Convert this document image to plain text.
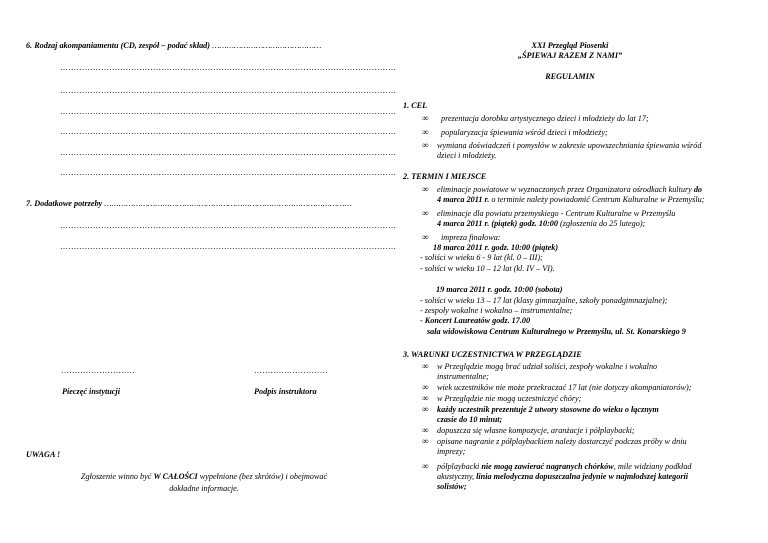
6. Rodzaj akompaniamentu (CD, zespół – podać skład) ………………………………………
……………………………………………………………………………………………………………
……………………………………………………………………………………………………………
……………………………………………………………………………………………………………
……………………………………………………………………………………………………………
……………………………………………………………………………………………………………
……………………………………………………………………………………………………………
7. Dodatkowe potrzeby …………………………………………………………………………………………
……………………………………………………………………………………………………………
……………………………………………………………………………………………………………
………………………
Pieczęć instytucji
………………………
Podpis instruktora
UWAGA !
Zgłoszenie winno być W CAŁOŚCI wypełnione (bez skrótów) i obejmować
dokładne informacje.
XXI Przegląd Piosenki
„ŚPIEWAJ RAZEM Z NAMI”
REGULAMIN
1. CEL
∞ prezentacja dorobku artystycznego dzieci i młodzieży do lat 17;
∞ popularyzacja śpiewania wśród dzieci i młodzieży;
∞ wymiana doświadczeń i pomysłów w zakresie upowszechniania śpiewania wśród
dzieci i młodzieży.
2. TERMIN I MIEJSCE
∞ eliminacje powiatowe w wyznaczonych przez Organizatora ośrodkach kultury do
4 marca 2011 r. o terminie należy powiadomić Centrum Kulturalne w Przemyślu;
∞ eliminacje dla powiatu przemyskiego - Centrum Kulturalne w Przemyślu
4 marca 2011 r. (piątek) godz. 10:00 (zgłoszenia do 25 lutego);
∞ impreza finałowa:
18 marca 2011 r. godz. 10:00 (piątek)
- soliści w wieku 6 - 9 lat (kl. 0 – III);
- soliści w wieku 10 – 12 lat (kl. IV – VI).
19 marca 2011 r. godz. 10:00 (sobota)
- soliści w wieku 13 – 17 lat (klasy gimnazjalne, szkoły ponadgimnazjalne);
- zespoły wokalne i wokalno – instrumentalne;
- Koncert Laureatów godz. 17.00
sala widowiskowa Centrum Kulturalnego w Przemyślu, ul. St. Konarskiego 9
3. WARUNKI UCZESTNICTWA W PRZEGLĄDZIE
∞ w Przeglądzie mogą brać udział soliści, zespoły wokalne i wokalno
instrumentalne;
∞ wiek uczestników nie może przekraczać 17 lat (nie dotyczy akompaniatorów);
∞ w Przeglądzie nie mogą uczestniczyć chóry;
∞ każdy uczestnik prezentuje 2 utwory stosowne do wieku o łącznym
czasie do 10 minut;
∞ dopuszcza się własne kompozycje, aranżacje i półplaybacki;
∞ opisane nagranie z półplaybackiem należy dostarczyć podczas próby w dniu
imprezy;
∞ półplaybacki nie mogą zawierać nagranych chórków, mile widziany podkład
akustyczny, linia melodyczna dopuszczalna jedynie w najmłodszej kategorii
solistów;
